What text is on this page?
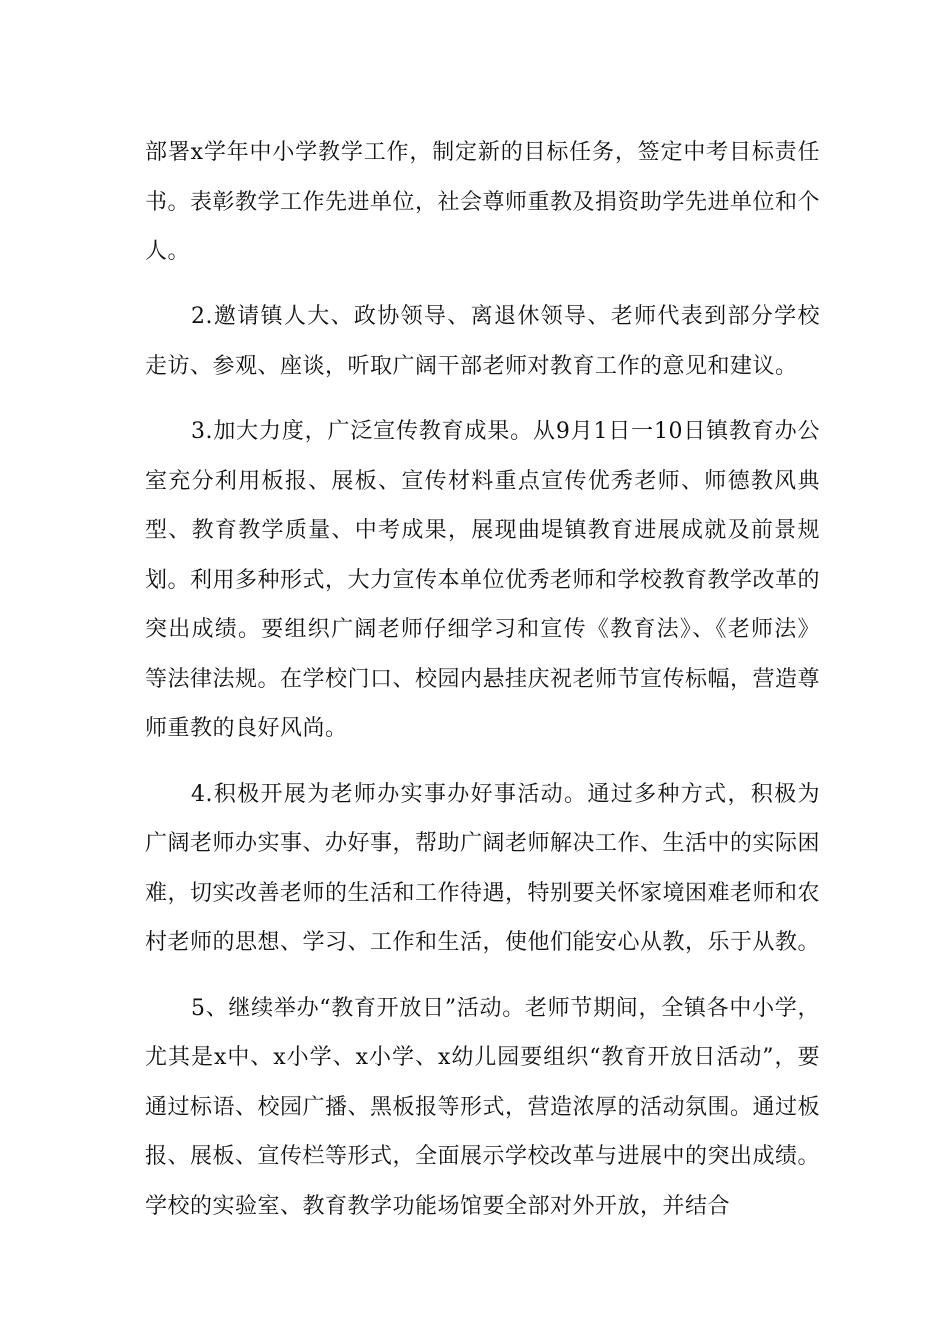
部署x学年中小学教学工作，制定新的目标任务，签定中考目标责任书。表彰教学工作先进单位，社会尊师重教及捐资助学先进单位和个人。

2.邀请镇人大、政协领导、离退休领导、老师代表到部分学校走访、参观、座谈，听取广阔干部老师对教育工作的意见和建议。

3.加大力度，广泛宣传教育成果。从9月1日一10日镇教育办公室充分利用板报、展板、宣传材料重点宣传优秀老师、师德教风典型、教育教学质量、中考成果，展现曲堤镇教育进展成就及前景规划。利用多种形式，大力宣传本单位优秀老师和学校教育教学改革的突出成绩。要组织广阔老师仔细学习和宣传《教育法》、《老师法》等法律法规。在学校门口、校园内悬挂庆祝老师节宣传标幅，营造尊师重教的良好风尚。

4.积极开展为老师办实事办好事活动。通过多种方式，积极为广阔老师办实事、办好事，帮助广阔老师解决工作、生活中的实际困难，切实改善老师的生活和工作待遇，特别要关怀家境困难老师和农村老师的思想、学习、工作和生活，使他们能安心从教，乐于从教。

5、继续举办“教育开放日”活动。老师节期间，全镇各中小学，尤其是x中、x小学、x小学、x幼儿园要组织“教育开放日活动”，要通过标语、校园广播、黑板报等形式，营造浓厚的活动氛围。通过板报、展板、宣传栏等形式，全面展示学校改革与进展中的突出成绩。学校的实验室、教育教学功能场馆要全部对外开放，并结合
